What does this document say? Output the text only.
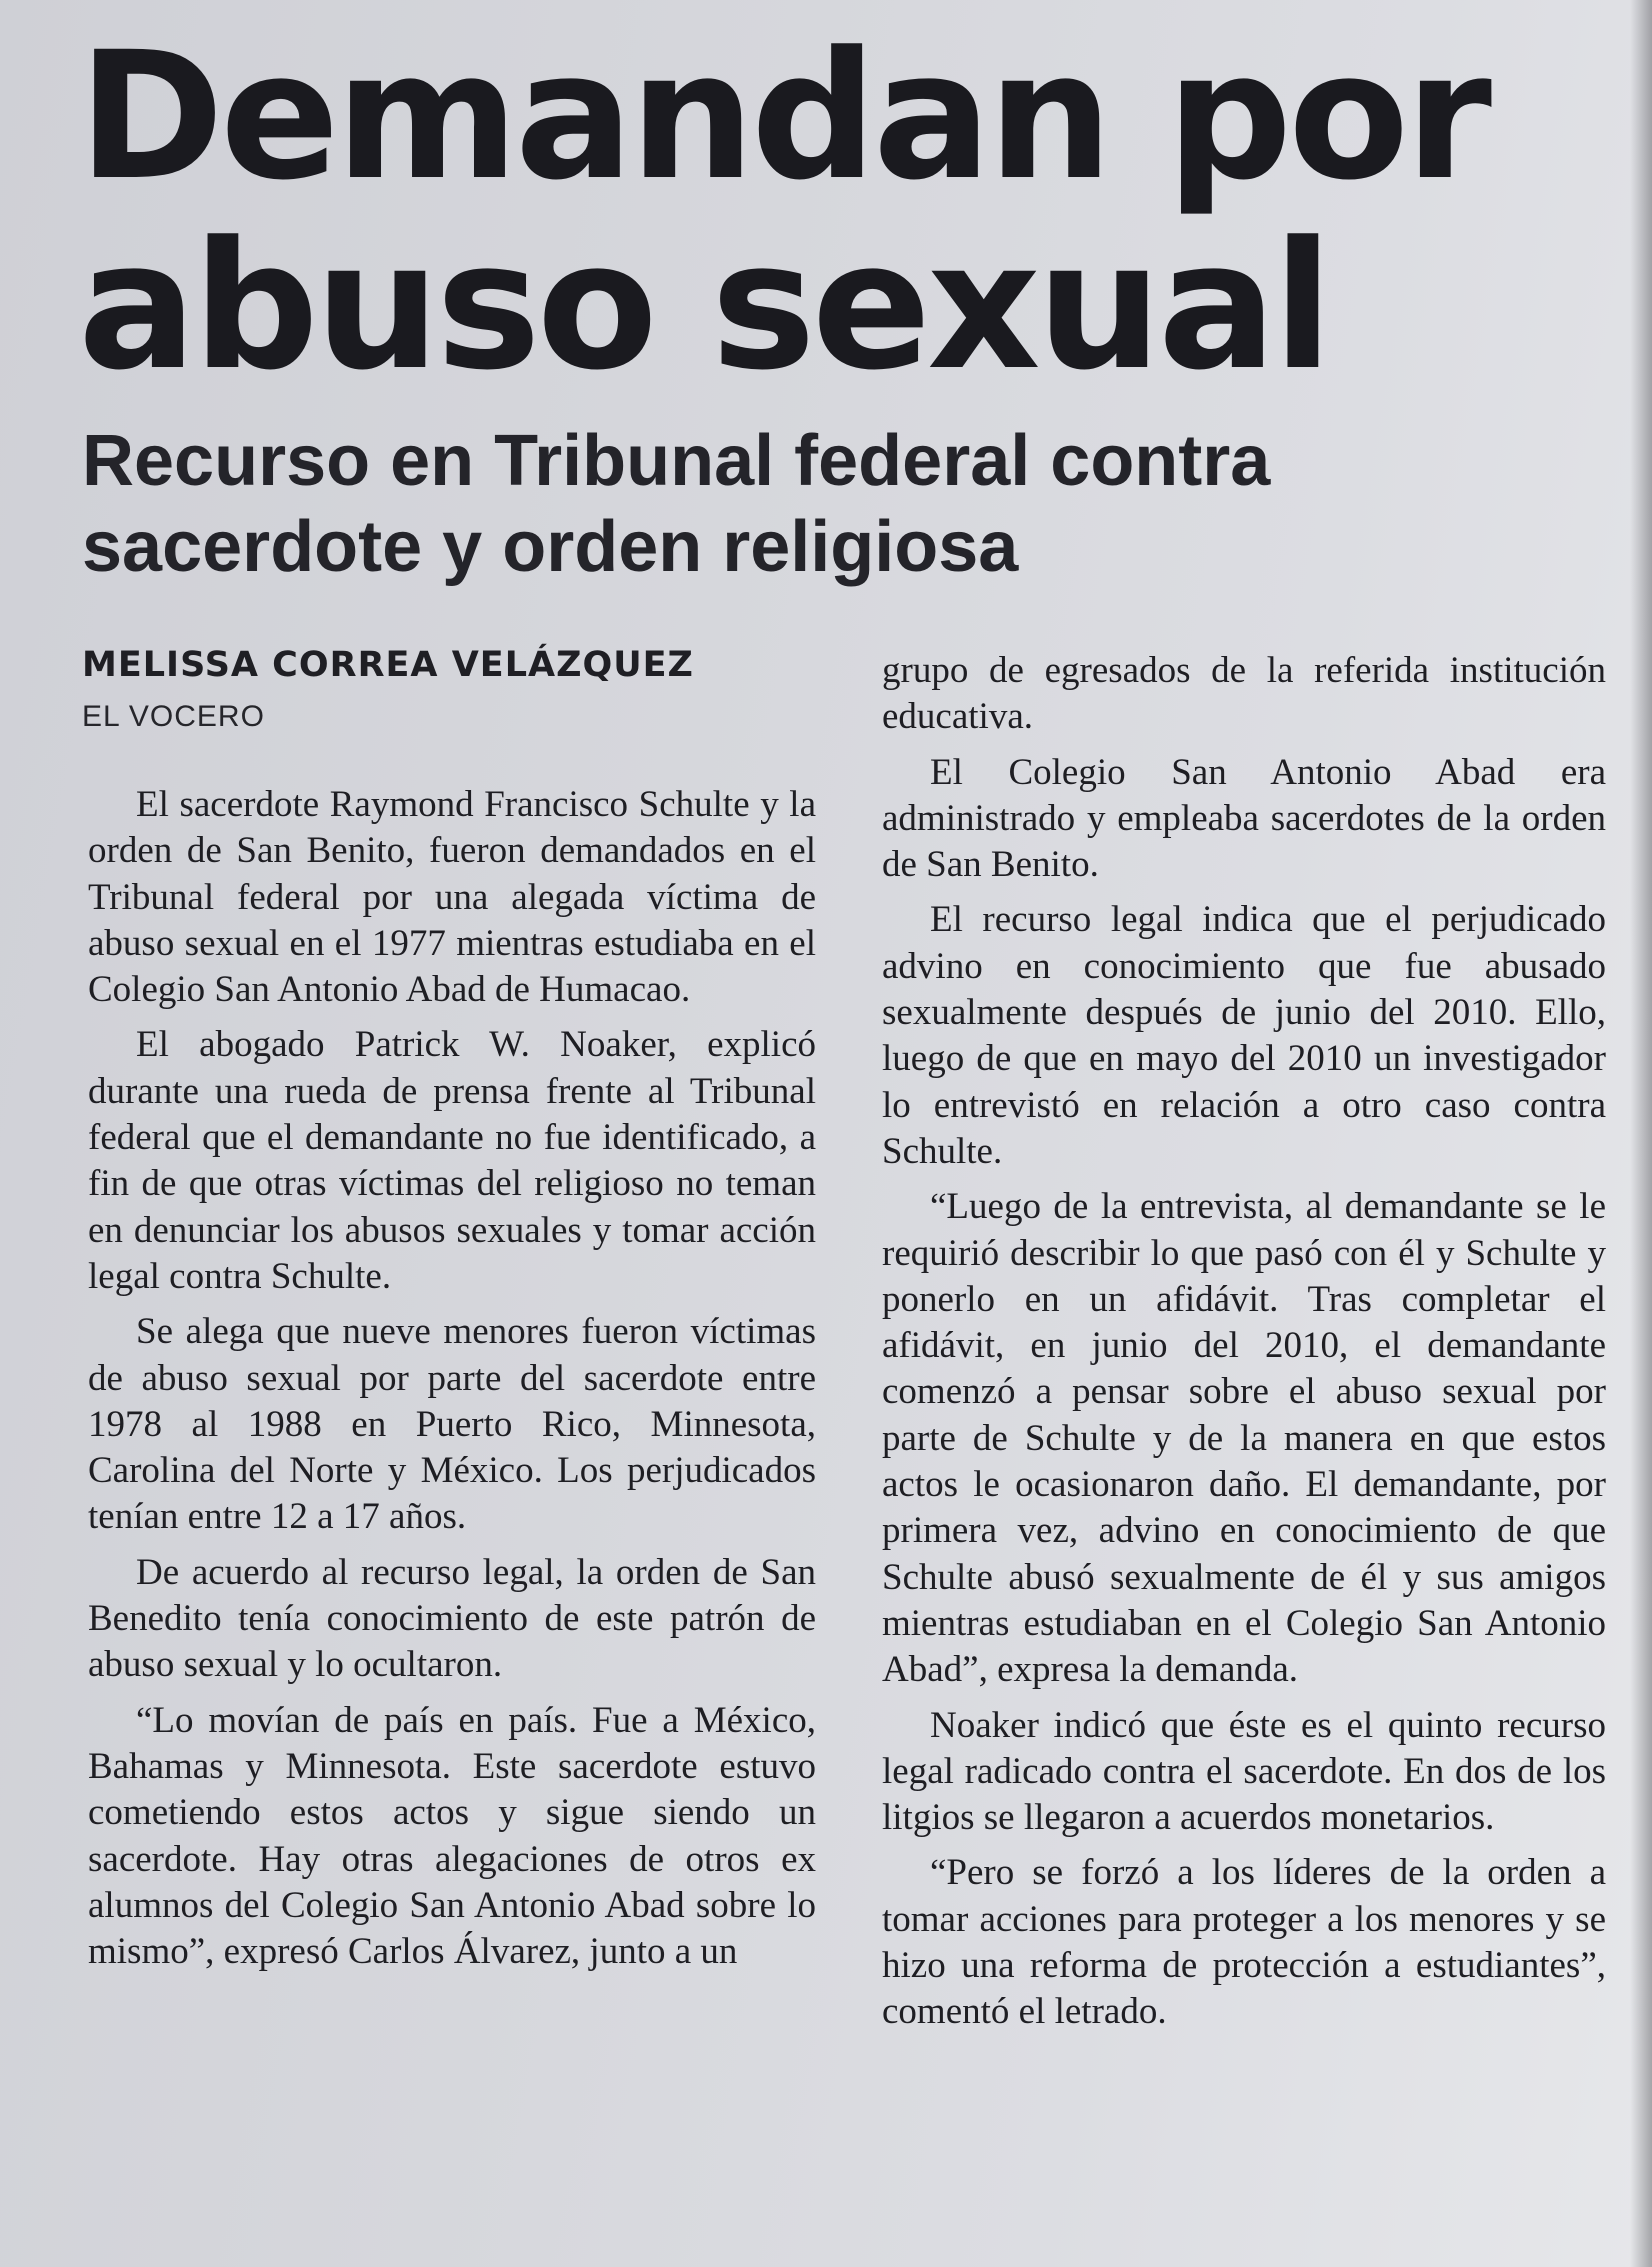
Demandan por
abuso sexual
Recurso en Tribunal federal contra
sacerdote y orden religiosa
MELISSA CORREA VELÁZQUEZ
EL VOCERO

El sacerdote Raymond Francisco Schulte y la orden de San Benito, fueron demandados en el Tribunal federal por una alegada víctima de abuso sexual en el 1977 mientras estudiaba en el Colegio San Antonio Abad de Humacao.

El abogado Patrick W. Noaker, explicó durante una rueda de prensa frente al Tribunal federal que el demandante no fue identificado, a fin de que otras víctimas del religioso no teman en denunciar los abusos sexuales y tomar acción legal contra Schulte.

Se alega que nueve menores fueron víctimas de abuso sexual por parte del sacerdote entre 1978 al 1988 en Puerto Rico, Minnesota, Carolina del Norte y México. Los perjudicados tenían entre 12 a 17 años.

De acuerdo al recurso legal, la orden de San Benedito tenía conocimiento de este patrón de abuso sexual y lo ocultaron.

“Lo movían de país en país. Fue a México, Bahamas y Minnesota. Este sacerdote estuvo cometiendo estos actos y sigue siendo un sacerdote. Hay otras alegaciones de otros ex alumnos del Colegio San Antonio Abad sobre lo mismo”, expresó Carlos Álvarez, junto a un

grupo de egresados de la referida institución educativa.

El Colegio San Antonio Abad era administrado y empleaba sacerdotes de la orden de San Benito.

El recurso legal indica que el perjudicado advino en conocimiento que fue abusado sexualmente después de junio del 2010. Ello, luego de que en mayo del 2010 un investigador lo entrevistó en relación a otro caso contra Schulte.

“Luego de la entrevista, al demandante se le requirió describir lo que pasó con él y Schulte y ponerlo en un afidávit. Tras completar el afidávit, en junio del 2010, el demandante comenzó a pensar sobre el abuso sexual por parte de Schulte y de la manera en que estos actos le ocasionaron daño. El demandante, por primera vez, advino en conocimiento de que Schulte abusó sexualmente de él y sus amigos mientras estudiaban en el Colegio San Antonio Abad”, expresa la demanda.

Noaker indicó que éste es el quinto recurso legal radicado contra el sacerdote. En dos de los litgios se llegaron a acuerdos monetarios.

“Pero se forzó a los líderes de la orden a tomar acciones para proteger a los menores y se hizo una reforma de protección a estudiantes”, comentó el letrado.
